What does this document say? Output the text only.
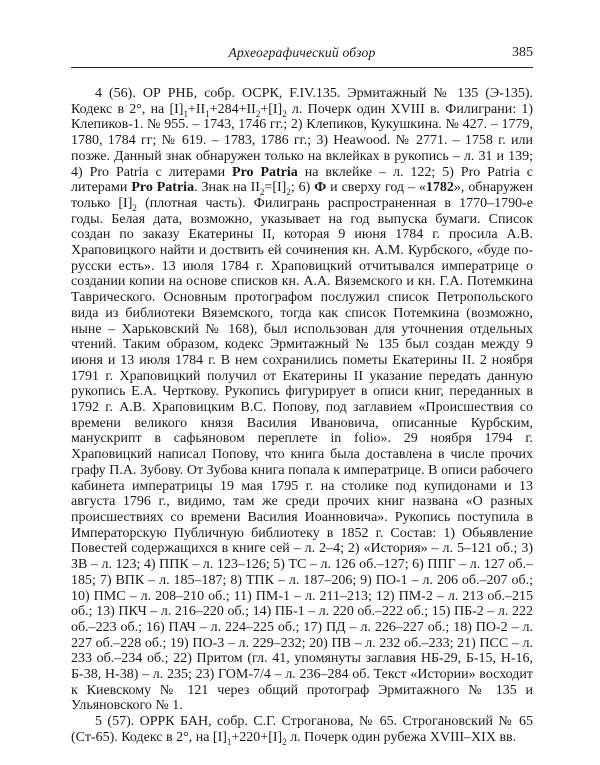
Археографический обзор	385

4 (56). ОР РНБ, собр. ОСРК, F.IV.135. Эрмитажный № 135 (Э-135). Кодекс в 2°, на $[I]_1+II_1+284+II_2+[I]_2$ л. Почерк один XVIII в. Филиграни: 1) Клепиков-1. № 955. – 1743, 1746 гг.; 2) Клепиков, Кукушкина. № 427. – 1779, 1780, 1784 гг; № 619. – 1783, 1786 гг.; 3) Heawood. № 2771. – 1758 г. или позже. Данный знак обнаружен только на вклейках в рукопись – л. 31 и 139; 4) Pro Patria с литерами Pro Patria на вклейке – л. 122; 5) Pro Patria с литерами Pro Patria. Знак на $II_2=[I]_2$; 6) Ф и сверху год – «1782», обнаружен только $[I]_2$ (плотная часть). Филигрань распространенная в 1770–1790-е годы. Белая дата, возможно, указывает на год выпуска бумаги. Список создан по заказу Екатерины II, которая 9 июня 1784 г. просила А.В. Храповицкого найти и доствить ей сочинения кн. А.М. Курбского, «буде по-русски есть». 13 июля 1784 г. Храповицкий отчитывался императрице о создании копии на основе списков кн. А.А. Вяземского и кн. Г.А. Потемкина Таврического. Основным протографом послужил список Петропольского вида из библиотеки Вяземского, тогда как список Потемкина (возможно, ныне – Харьковский № 168), был использован для уточнения отдельных чтений. Таким образом, кодекс Эрмитажный № 135 был создан между 9 июня и 13 июля 1784 г. В нем сохранились пометы Екатерины II. 2 ноября 1791 г. Храповицкий получил от Екатерины II указание передать данную рукопись Е.А. Черткову. Рукопись фигурирует в описи книг, переданных в 1792 г. А.В. Храповицким В.С. Попову, под заглавием «Происшествия со времени великого князя Василия Ивановича, описанные Курбским, манускрипт в сафьяновом переплете in folio». 29 ноября 1794 г. Храповицкий написал Попову, что книга была доставлена в числе прочих графу П.А. Зубову. От Зубова книга попала к императрице. В описи рабочего кабинета императрицы 19 мая 1795 г. на столике под купидонами и 13 августа 1796 г., видимо, там же среди прочих книг названа «О разных происшествиях со времени Василия Иоанновича». Рукопись поступила в Императорскую Публичную библиотеку в 1852 г. Состав: 1) Обьявление Повестей содержащихся в книге сей – л. 2–4; 2) «История» – л. 5–121 об.; 3) ЗВ – л. 123; 4) ППК – л. 123–126; 5) ТС – л. 126 об.–127; 6) ППГ – л. 127 об.–185; 7) ВПК – л. 185–187; 8) ТПК – л. 187–206; 9) ПО-1 – л. 206 об.–207 об.; 10) ПМС – л. 208–210 об.; 11) ПМ-1 – л. 211–213; 12) ПМ-2 – л. 213 об.–215 об.; 13) ПКЧ – л. 216–220 об.; 14) ПБ-1 – л. 220 об.–222 об.; 15) ПБ-2 – л. 222 об.–223 об.; 16) ПАЧ – л. 224–225 об.; 17) ПД – л. 226–227 об.; 18) ПО-2 – л. 227 об.–228 об.; 19) ПО-3 – л. 229–232; 20) ПВ – л. 232 об.–233; 21) ПСС – л. 233 об.–234 об.; 22) Притом (гл. 41, упомянуты заглавия НБ-29, Б-15, Н-16, Б-38, Н-38) – л. 235; 23) ГОМ-7/4 – л. 236–284 об. Текст «Истории» восходит к Киевскому № 121 через общий протограф Эрмитажного № 135 и Ульяновского № 1.

5 (57). ОРРК БАН, собр. С.Г. Строганова, № 65. Строгановский № 65 (Ст-65). Кодекс в 2°, на $[I]_1+220+[I]_2$ л. Почерк один рубежа XVIII–XIX вв.
